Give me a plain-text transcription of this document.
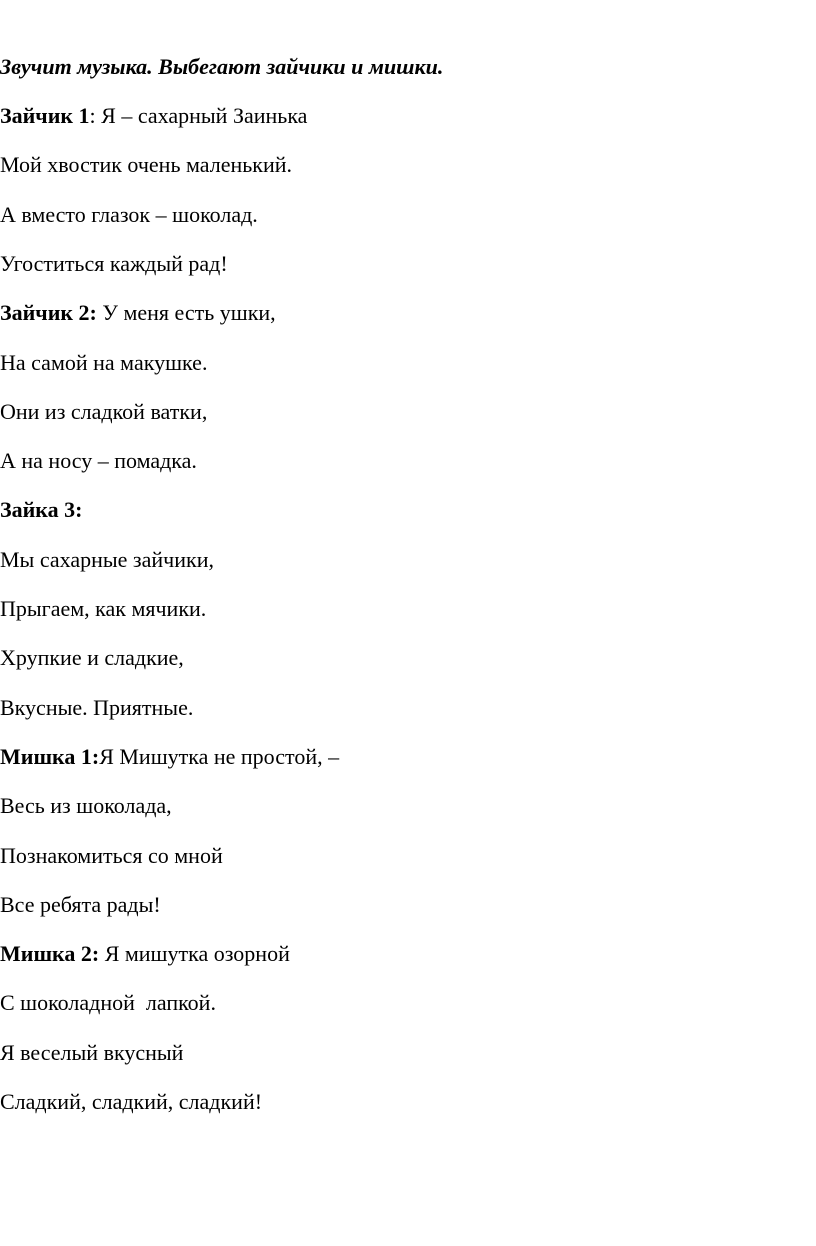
Звучит музыка. Выбегают зайчики и мишки.

Зайчик 1: Я – сахарный Заинька

Мой хвостик очень маленький.

А вместо глазок – шоколад.

Угоститься каждый рад!

Зайчик 2: У меня есть ушки,

На самой на макушке.

Они из сладкой ватки,

А на носу – помадка.

Зайка 3:

Мы сахарные зайчики,

Прыгаем, как мячики.

Хрупкие и сладкие,

Вкусные. Приятные.

Мишка 1:Я Мишутка не простой, –

Весь из шоколада,

Познакомиться со мной

Все ребята рады!

Мишка 2: Я мишутка озорной

С шоколадной  лапкой.

Я веселый вкусный

Сладкий, сладкий, сладкий!
